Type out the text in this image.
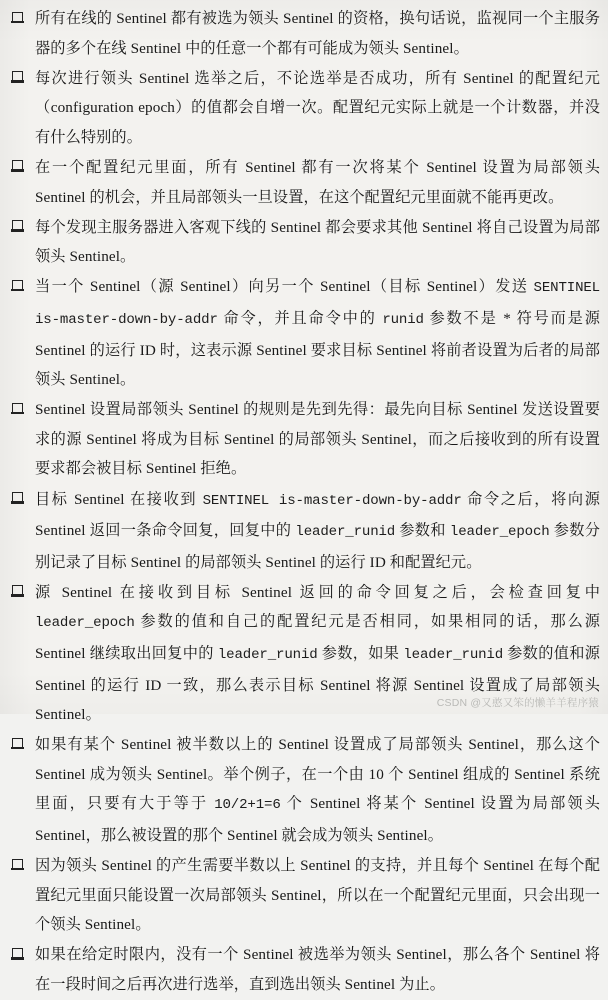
所有在线的 Sentinel 都有被选为领头 Sentinel 的资格，换句话说，监视同一个主服务器的多个在线 Sentinel 中的任意一个都有可能成为领头 Sentinel。
每次进行领头 Sentinel 选举之后，不论选举是否成功，所有 Sentinel 的配置纪元（configuration epoch）的值都会自增一次。配置纪元实际上就是一个计数器，并没有什么特别的。
在一个配置纪元里面，所有 Sentinel 都有一次将某个 Sentinel 设置为局部领头 Sentinel 的机会，并且局部领头一旦设置，在这个配置纪元里面就不能再更改。
每个发现主服务器进入客观下线的 Sentinel 都会要求其他 Sentinel 将自己设置为局部领头 Sentinel。
当一个 Sentinel（源 Sentinel）向另一个 Sentinel（目标 Sentinel）发送 SENTINEL is-master-down-by-addr 命令，并且命令中的 runid 参数不是 * 符号而是源 Sentinel 的运行 ID 时，这表示源 Sentinel 要求目标 Sentinel 将前者设置为后者的局部领头 Sentinel。
Sentinel 设置局部领头 Sentinel 的规则是先到先得：最先向目标 Sentinel 发送设置要求的源 Sentinel 将成为目标 Sentinel 的局部领头 Sentinel，而之后接收到的所有设置要求都会被目标 Sentinel 拒绝。
目标 Sentinel 在接收到 SENTINEL is-master-down-by-addr 命令之后，将向源 Sentinel 返回一条命令回复，回复中的 leader_runid 参数和 leader_epoch 参数分别记录了目标 Sentinel 的局部领头 Sentinel 的运行 ID 和配置纪元。
源 Sentinel 在接收到目标 Sentinel 返回的命令回复之后，会检查回复中 leader_epoch 参数的值和自己的配置纪元是否相同，如果相同的话，那么源 Sentinel 继续取出回复中的 leader_runid 参数，如果 leader_runid 参数的值和源 Sentinel 的运行 ID 一致，那么表示目标 Sentinel 将源 Sentinel 设置成了局部领头 Sentinel。
如果有某个 Sentinel 被半数以上的 Sentinel 设置成了局部领头 Sentinel，那么这个 Sentinel 成为领头 Sentinel。举个例子，在一个由 10 个 Sentinel 组成的 Sentinel 系统里面，只要有大于等于 10/2+1=6 个 Sentinel 将某个 Sentinel 设置为局部领头 Sentinel，那么被设置的那个 Sentinel 就会成为领头 Sentinel。
因为领头 Sentinel 的产生需要半数以上 Sentinel 的支持，并且每个 Sentinel 在每个配置纪元里面只能设置一次局部领头 Sentinel，所以在一个配置纪元里面，只会出现一个领头 Sentinel。
如果在给定时限内，没有一个 Sentinel 被选举为领头 Sentinel，那么各个 Sentinel 将在一段时间之后再次进行选举，直到选出领头 Sentinel 为止。
CSDN @又憨又笨的懒羊羊程序猿
